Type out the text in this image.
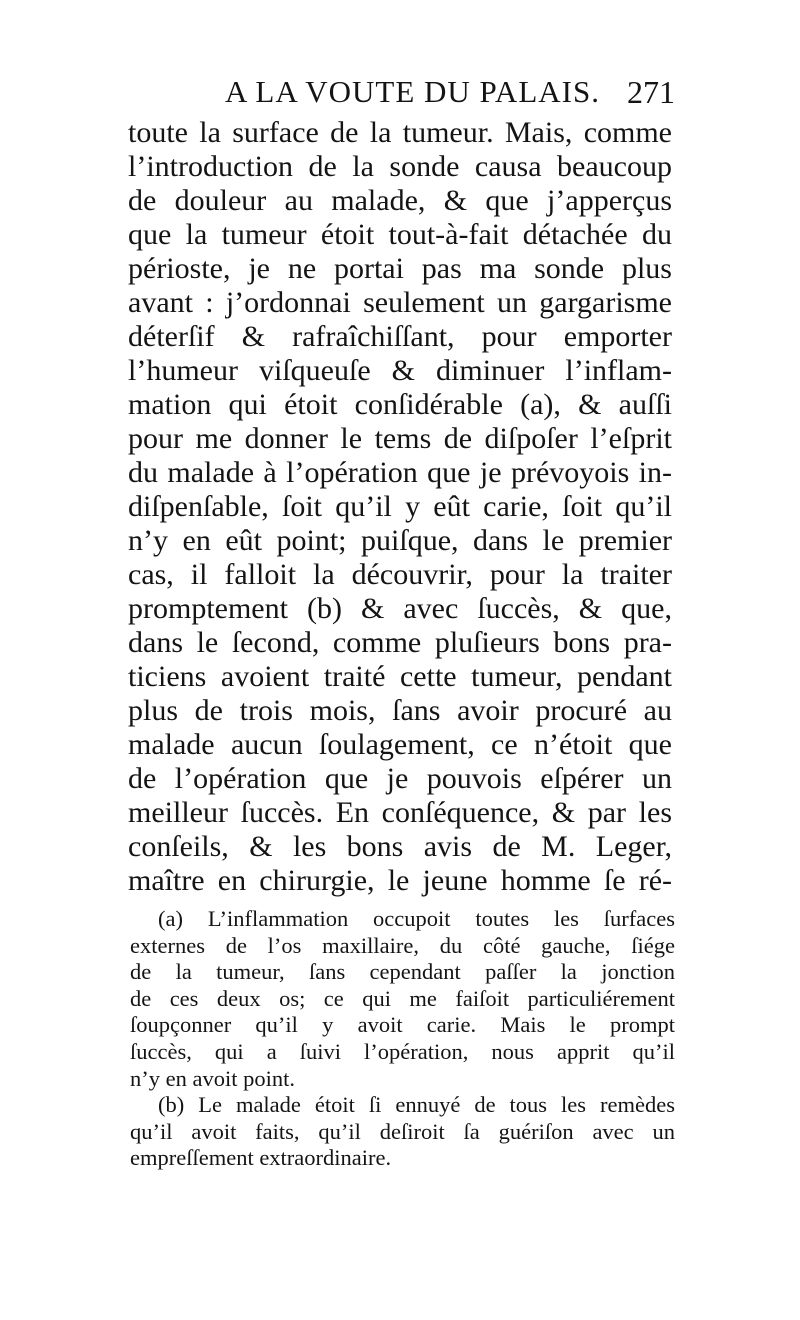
A LA VOUTE DU PALAIS. 271
toute la surface de la tumeur. Mais, comme
l’introduction de la sonde causa beaucoup
de douleur au malade, & que j’apperçus
que la tumeur étoit tout-à-fait détachée du
périoste, je ne portai pas ma sonde plus
avant : j’ordonnai seulement un gargarisme
déterſif & rafraîchiſſant, pour emporter
l’humeur viſqueuſe & diminuer l’inflam-
mation qui étoit conſidérable (a), & auſſi
pour me donner le tems de diſpoſer l’eſprit
du malade à l’opération que je prévoyois in-
diſpenſable, ſoit qu’il y eût carie, ſoit qu’il
n’y en eût point; puiſque, dans le premier
cas, il falloit la découvrir, pour la traiter
promptement (b) & avec ſuccès, & que,
dans le ſecond, comme pluſieurs bons pra-
ticiens avoient traité cette tumeur, pendant
plus de trois mois, ſans avoir procuré au
malade aucun ſoulagement, ce n’étoit que
de l’opération que je pouvois eſpérer un
meilleur ſuccès. En conſéquence, & par les
conſeils, & les bons avis de M. Leger,
maître en chirurgie, le jeune homme ſe ré-
(a) L’inflammation occupoit toutes les ſurfaces
externes de l’os maxillaire, du côté gauche, ſiége
de la tumeur, ſans cependant paſſer la jonction
de ces deux os; ce qui me faiſoit particuliérement
ſoupçonner qu’il y avoit carie. Mais le prompt
ſuccès, qui a ſuivi l’opération, nous apprit qu’il
n’y en avoit point.
(b) Le malade étoit ſi ennuyé de tous les remèdes
qu’il avoit faits, qu’il deſiroit ſa guériſon avec un
empreſſement extraordinaire.
